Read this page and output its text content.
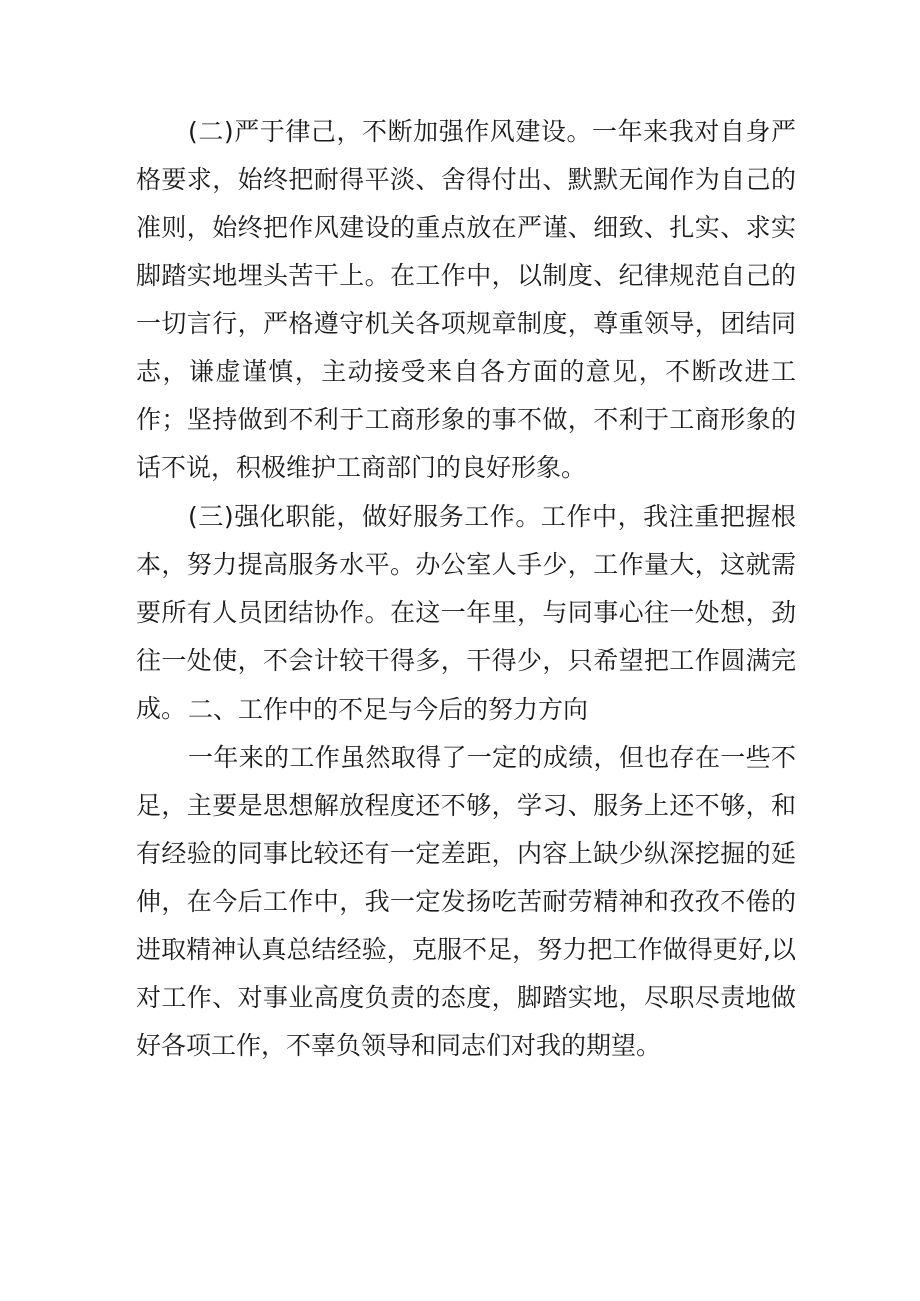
(二)严于律己，不断加强作风建设。一年来我对自身严格要求，始终把耐得平淡、舍得付出、默默无闻作为自己的准则，始终把作风建设的重点放在严谨、细致、扎实、求实脚踏实地埋头苦干上。在工作中，以制度、纪律规范自己的一切言行，严格遵守机关各项规章制度，尊重领导，团结同志，谦虚谨慎，主动接受来自各方面的意见，不断改进工作；坚持做到不利于工商形象的事不做，不利于工商形象的话不说，积极维护工商部门的良好形象。

(三)强化职能，做好服务工作。工作中，我注重把握根本，努力提高服务水平。办公室人手少，工作量大，这就需要所有人员团结协作。在这一年里，与同事心往一处想，劲往一处使，不会计较干得多，干得少，只希望把工作圆满完成。 二、工作中的不足与今后的努力方向

一年来的工作虽然取得了一定的成绩，但也存在一些不足，主要是思想解放程度还不够，学习、服务上还不够，和有经验的同事比较还有一定差距，内容上缺少纵深挖掘的延伸，在今后工作中，我一定发扬吃苦耐劳精神和孜孜不倦的进取精神认真总结经验，克服不足，努力把工作做得更好,以对工作、对事业高度负责的态度，脚踏实地，尽职尽责地做好各项工作，不辜负领导和同志们对我的期望。
